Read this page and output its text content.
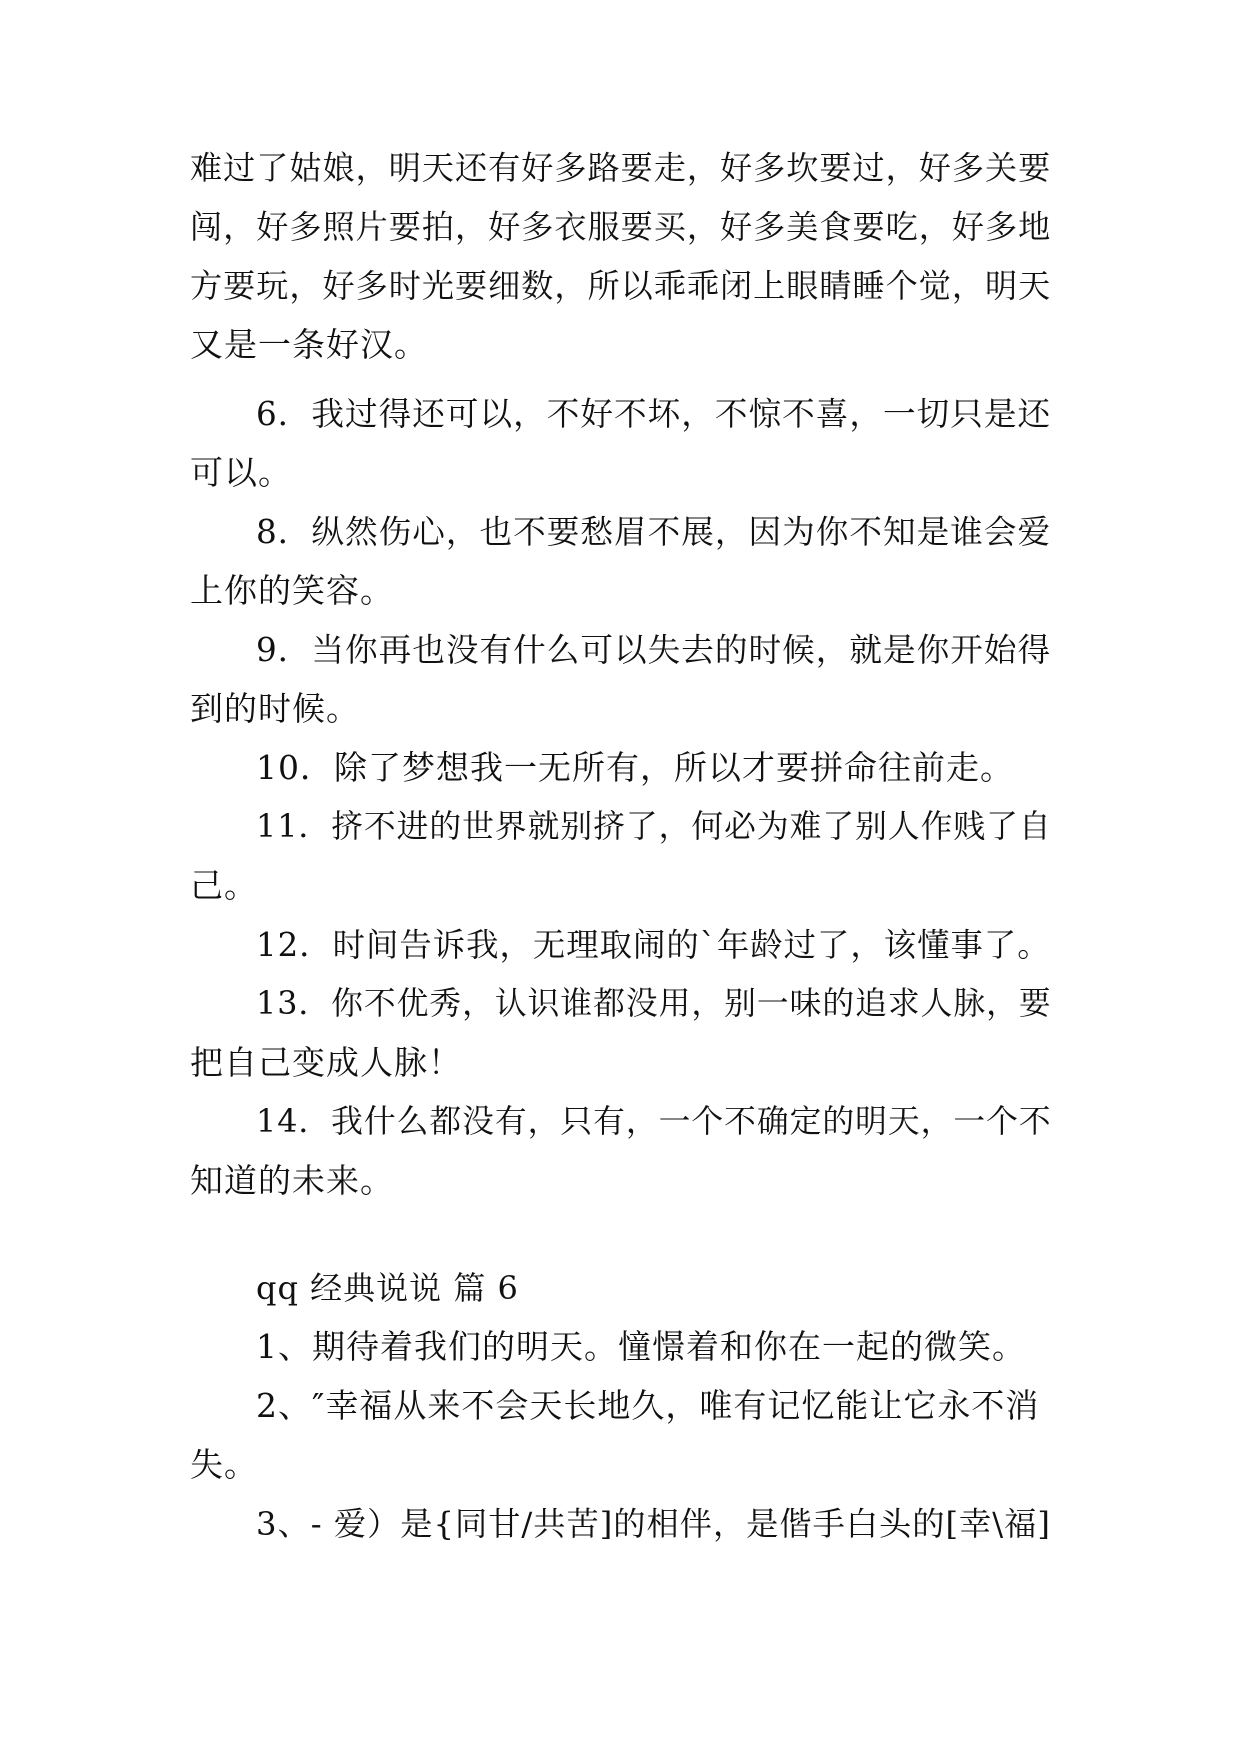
难过了姑娘，明天还有好多路要走，好多坎要过，好多关要
闯，好多照片要拍，好多衣服要买，好多美食要吃，好多地
方要玩，好多时光要细数，所以乖乖闭上眼睛睡个觉，明天
又是一条好汉。
6．我过得还可以，不好不坏，不惊不喜，一切只是还
可以。
8．纵然伤心，也不要愁眉不展，因为你不知是谁会爱
上你的笑容。
9．当你再也没有什么可以失去的时候，就是你开始得
到的时候。
10．除了梦想我一无所有，所以才要拼命往前走。
11．挤不进的世界就别挤了，何必为难了别人作贱了自
己。
12．时间告诉我，无理取闹的`年龄过了，该懂事了。
13．你不优秀，认识谁都没用，别一味的追求人脉，要
把自己变成人脉！
14．我什么都没有，只有，一个不确定的明天，一个不
知道的未来。
qq 经典说说 篇 6
1、期待着我们的明天。憧憬着和你在一起的微笑。
2、″幸福从来不会天长地久，唯有记忆能让它永不消
失。
3、- 爱）是{同甘/共苦]的相伴，是偕手白头的[幸\福]
